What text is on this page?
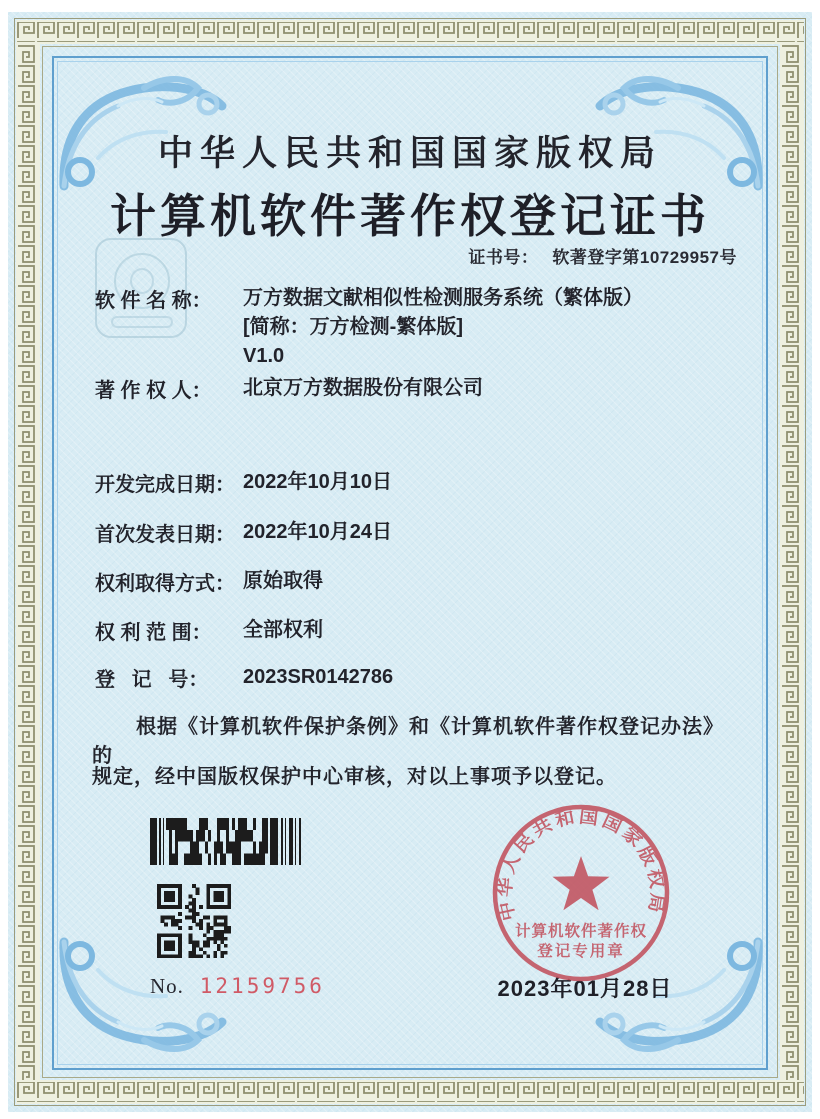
中华人民共和国国家版权局
计算机软件著作权登记证书
证书号： 软著登字第10729957号
软 件 名 称：	万方数据文献相似性检测服务系统（繁体版）
[简称：万方检测-繁体版]
V1.0
著 作 权 人：	北京万方数据股份有限公司
开发完成日期： 2022年10月10日
首次发表日期： 2022年10月24日
权利取得方式： 原始取得
权 利 范 围：	全部权利
登   记   号：	2023SR0142786
根据《计算机软件保护条例》和《计算机软件著作权登记办法》的
规定，经中国版权保护中心审核，对以上事项予以登记。
No. 12159756	2023年01月28日
中华人民共和国国家版权局
计算机软件著作权
登记专用章
